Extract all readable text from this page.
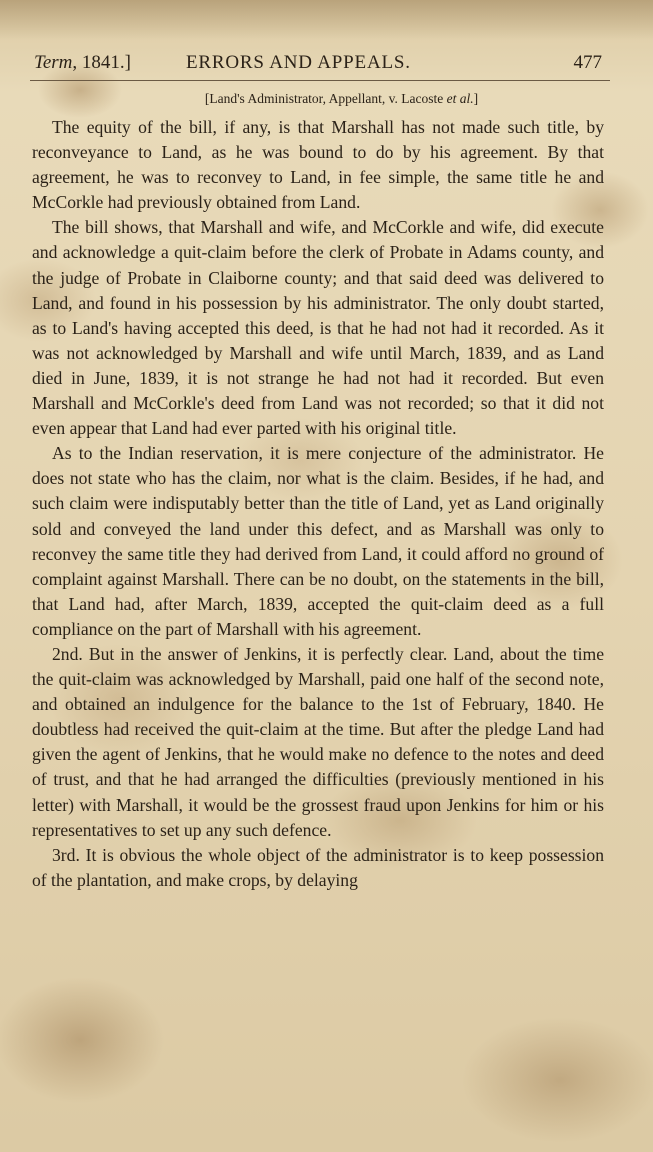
Term, 1841.]	ERRORS AND APPEALS.	477
[Land's Administrator, Appellant, v. Lacoste et al.]

The equity of the bill, if any, is that Marshall has not made such title, by reconveyance to Land, as he was bound to do by his agreement. By that agreement, he was to reconvey to Land, in fee simple, the same title he and McCorkle had previously obtained from Land.

The bill shows, that Marshall and wife, and McCorkle and wife, did execute and acknowledge a quit-claim before the clerk of Probate in Adams county, and the judge of Probate in Claiborne county; and that said deed was delivered to Land, and found in his possession by his administrator. The only doubt started, as to Land's having accepted this deed, is that he had not had it recorded. As it was not acknowledged by Marshall and wife until March, 1839, and as Land died in June, 1839, it is not strange he had not had it recorded. But even Marshall and McCorkle's deed from Land was not recorded; so that it did not even appear that Land had ever parted with his original title.

As to the Indian reservation, it is mere conjecture of the administrator. He does not state who has the claim, nor what is the claim. Besides, if he had, and such claim were indisputably better than the title of Land, yet as Land originally sold and conveyed the land under this defect, and as Marshall was only to reconvey the same title they had derived from Land, it could afford no ground of complaint against Marshall. There can be no doubt, on the statements in the bill, that Land had, after March, 1839, accepted the quit-claim deed as a full compliance on the part of Marshall with his agreement.

2nd. But in the answer of Jenkins, it is perfectly clear. Land, about the time the quit-claim was acknowledged by Marshall, paid one half of the second note, and obtained an indulgence for the balance to the 1st of February, 1840. He doubtless had received the quit-claim at the time. But after the pledge Land had given the agent of Jenkins, that he would make no defence to the notes and deed of trust, and that he had arranged the difficulties (previously mentioned in his letter) with Marshall, it would be the grossest fraud upon Jenkins for him or his representatives to set up any such defence.

3rd. It is obvious the whole object of the administrator is to keep possession of the plantation, and make crops, by delaying
